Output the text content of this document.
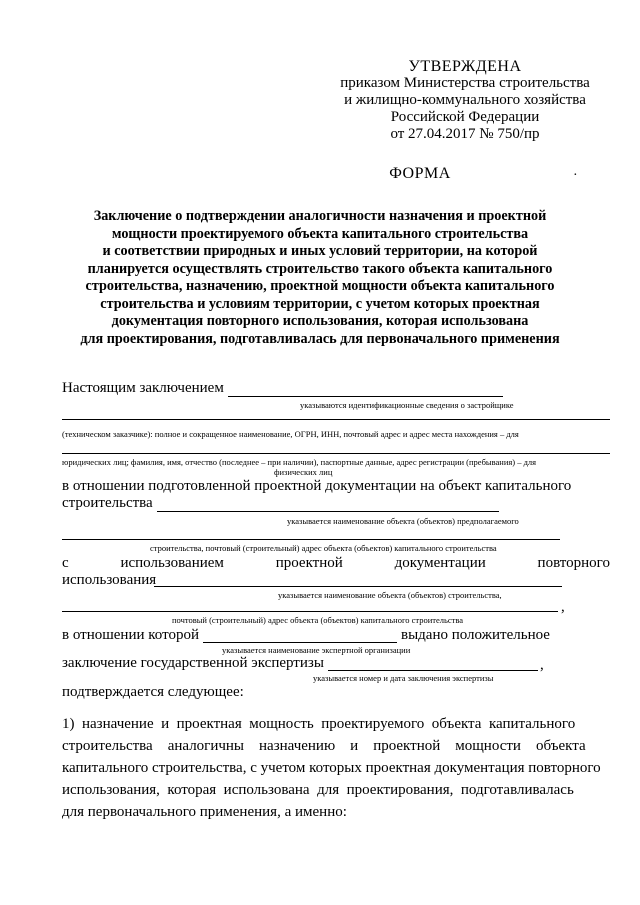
УТВЕРЖДЕНА
приказом Министерства строительства
и жилищно-коммунального хозяйства
Российской Федерации
от 27.04.2017 № 750/пр
ФОРМА	·
Заключение о подтверждении аналогичности назначения и проектной
мощности проектируемого объекта капитального строительства
и соответствии природных и иных условий территории, на которой
планируется осуществлять строительство такого объекта капитального
строительства, назначению, проектной мощности объекта капитального
строительства и условиям территории, с учетом которых проектная
документация повторного использования, которая использована
для проектирования, подготавливалась для первоначального применения
Настоящим заключением
указываются идентификационные сведения о застройщике
(техническом заказчике): полное и сокращенное наименование, ОГРН, ИНН, почтовый адрес и адрес места нахождения – для
юридических лиц; фамилия, имя, отчество (последнее – при наличии), паспортные данные, адрес регистрации (пребывания) – для
физических лиц
в отношении подготовленной проектной документации на объект капитального
строительства
указывается наименование объекта (объектов) предполагаемого
строительства, почтовый (строительный) адрес объекта (объектов) капитального строительства
с	использованием	проектной	документации	повторного
использования
указывается наименование объекта (объектов) строительства,
,
почтовый (строительный) адрес объекта (объектов) капитального строительства
в отношении которой	выдано положительное
указывается наименование экспертной организации
заключение государственной экспертизы	,
указывается номер и дата заключения экспертизы
подтверждается следующее:

1)  назначение  и  проектная  мощность  проектируемого  объекта  капитального

строительства    аналогичны    назначению    и    проектной    мощности    объекта

капитального строительства, с учетом которых проектная документация повторного

использования,  которая  использована  для  проектирования,  подготавливалась

для первоначального применения, а именно:
